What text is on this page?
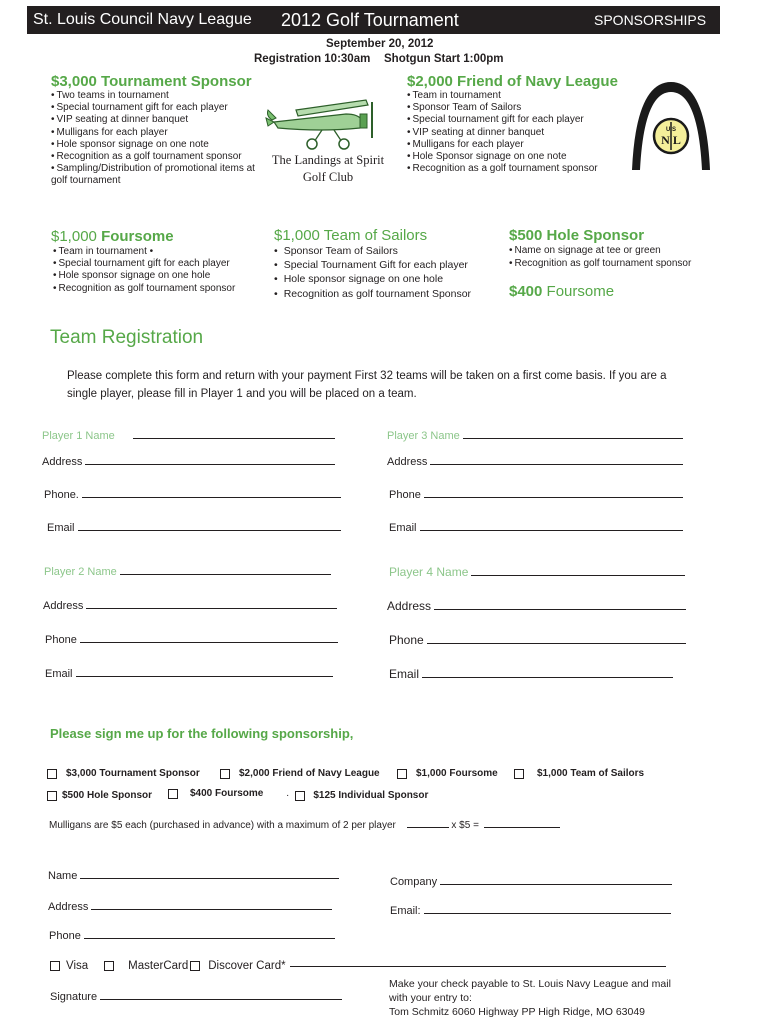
St. Louis Council Navy League 2012 Golf Tournament	SPONSORSHIPS
September 20, 2012
Registration 10:30am Shotgun Start 1:00pm
$3,000 Tournament Sponsor
• Two teams in tournament
• Special tournament gift for each player
• VIP seating at dinner banquet
• Mulligans for each player
• Hole sponsor signage on one note
• Recognition as a golf tournament sponsor
• Sampling/Distribution of promotional items at golf tournament
The Landings at Spirit
Golf Club
$2,000 Friend of Navy League
• Team in tournament
• Sponsor Team of Sailors
• Special tournament gift for each player
• VIP seating at dinner banquet
• Mulligans for each player
• Hole Sponsor signage on one note
• Recognition as a golf tournament sponsor
U S
N L
$1,000 Foursome
• Team in tournament •
• Special tournament gift for each player
• Hole sponsor signage on one hole
• Recognition as golf tournament sponsor
$1,000 Team of Sailors
• Sponsor Team of Sailors
• Special Tournament Gift for each player
• Hole sponsor signage on one hole
• Recognition as golf tournament Sponsor
$500 Hole Sponsor
• Name on signage at tee or green
• Recognition as golf tournament sponsor
$400 Foursome
Team Registration
Please complete this form and return with your payment First 32 teams will be taken on a first come basis. If you are a single player, please fill in Player 1 and you will be placed on a team.
Player 1 Name
Address
Phone.
Email
Player 3 Name
Address
Phone
Email
Player 2 Name
Address
Phone
Email
Player 4 Name
Address
Phone
Email
Please sign me up for the following sponsorship,
$3,000 Tournament Sponsor	$2,000 Friend of Navy League	$1,000 Foursome	$1,000 Team of Sailors
$500 Hole Sponsor	$400 Foursome · $125 Individual Sponsor
Mulligans are $5 each (purchased in advance) with a maximum of 2 per player	x $5 =
Name	Company
Address	Email:
Phone
Visa	MasterCard Discover Card*
Make your check payable to St. Louis Navy League and mail
with your entry to:
Tom Schmitz 6060 Highway PP High Ridge, MO 63049
Signature
